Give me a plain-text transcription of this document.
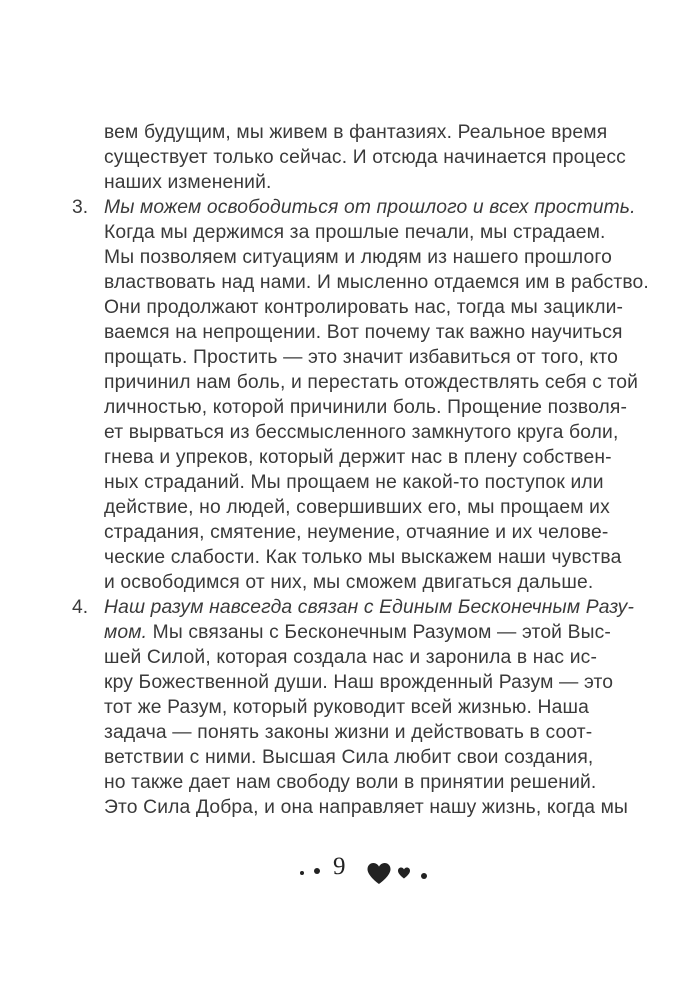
вем будущим, мы живем в фантазиях. Реальное время
существует только сейчас. И отсюда начинается процесс
наших изменений.
3. Мы можем освободиться от прошлого и всех простить.
Когда мы держимся за прошлые печали, мы страдаем.
Мы позволяем ситуациям и людям из нашего прошлого
властвовать над нами. И мысленно отдаемся им в рабство.
Они продолжают контролировать нас, тогда мы зацикли-
ваемся на непрощении. Вот почему так важно научиться
прощать. Простить — это значит избавиться от того, кто
причинил нам боль, и перестать отождествлять себя с той
личностью, которой причинили боль. Прощение позволя-
ет вырваться из бессмысленного замкнутого круга боли,
гнева и упреков, который держит нас в плену собствен-
ных страданий. Мы прощаем не какой-то поступок или
действие, но людей, совершивших его, мы прощаем их
страдания, смятение, неумение, отчаяние и их челове-
ческие слабости. Как только мы выскажем наши чувства
и освободимся от них, мы сможем двигаться дальше.
4. Наш разум навсегда связан с Единым Бесконечным Разу-
мом. Мы связаны с Бесконечным Разумом — этой Выс-
шей Силой, которая создала нас и заронила в нас ис-
кру Божественной души. Наш врожденный Разум — это
тот же Разум, который руководит всей жизнью. Наша
задача — понять законы жизни и действовать в соот-
ветствии с ними. Высшая Сила любит свои создания,
но также дает нам свободу воли в принятии решений.
Это Сила Добра, и она направляет нашу жизнь, когда мы
9
